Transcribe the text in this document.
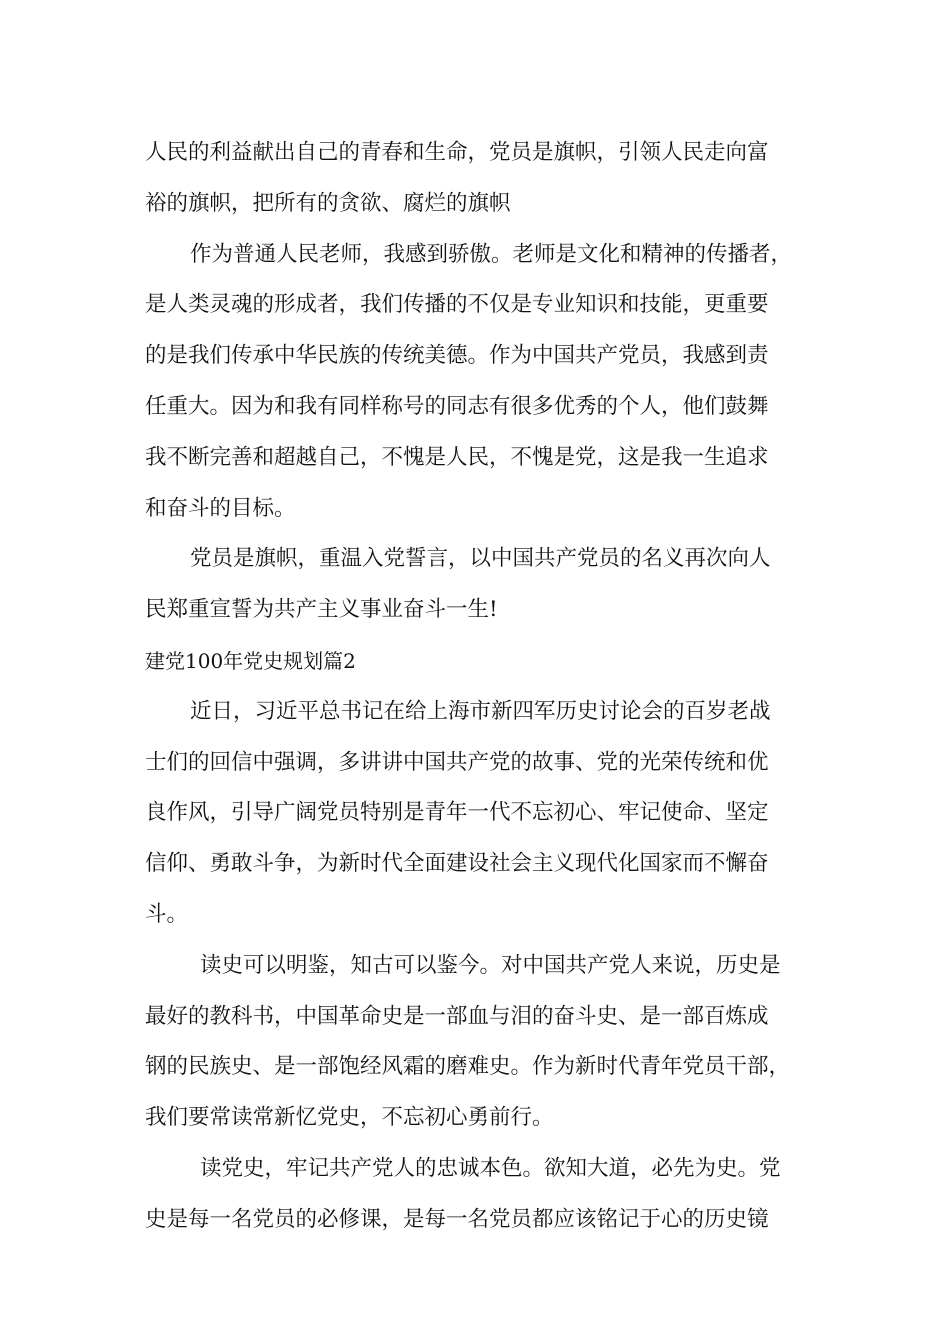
人民的利益献出自己的青春和生命，党员是旗帜，引领人民走向富
裕的旗帜，把所有的贪欲、腐烂的旗帜
作为普通人民老师，我感到骄傲。老师是文化和精神的传播者，
是人类灵魂的形成者，我们传播的不仅是专业知识和技能，更重要
的是我们传承中华民族的传统美德。作为中国共产党员，我感到责
任重大。因为和我有同样称号的同志有很多优秀的个人，他们鼓舞
我不断完善和超越自己，不愧是人民，不愧是党，这是我一生追求
和奋斗的目标。
党员是旗帜，重温入党誓言，以中国共产党员的名义再次向人
民郑重宣誓为共产主义事业奋斗一生!
建党100年党史规划篇2
近日，习近平总书记在给上海市新四军历史讨论会的百岁老战
士们的回信中强调，多讲讲中国共产党的故事、党的光荣传统和优
良作风，引导广阔党员特别是青年一代不忘初心、牢记使命、坚定
信仰、勇敢斗争，为新时代全面建设社会主义现代化国家而不懈奋
斗。
读史可以明鉴，知古可以鉴今。对中国共产党人来说，历史是
最好的教科书，中国革命史是一部血与泪的奋斗史、是一部百炼成
钢的民族史、是一部饱经风霜的磨难史。作为新时代青年党员干部，
我们要常读常新忆党史，不忘初心勇前行。
读党史，牢记共产党人的忠诚本色。欲知大道，必先为史。党
史是每一名党员的必修课，是每一名党员都应该铭记于心的历史镜
